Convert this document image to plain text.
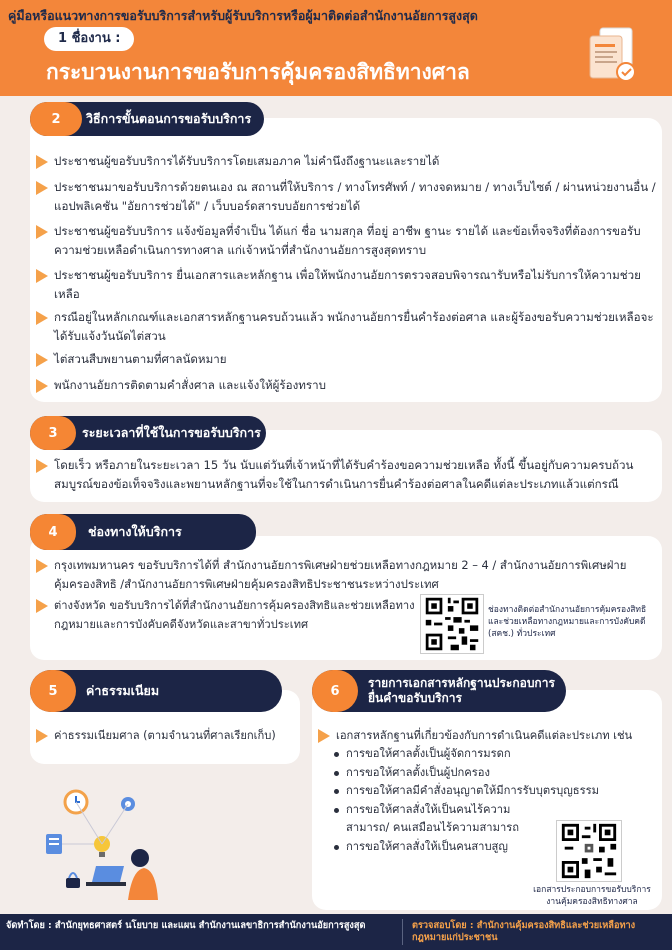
คู่มือหรือแนวทางการขอรับบริการสำหรับผู้รับบริการหรือผู้มาติดต่อสำนักงานอัยการสูงสุด
1 ชื่องาน :
กระบวนงานการขอรับการคุ้มครองสิทธิทางศาล
2	วิธีการขั้นตอนการขอรับบริการ
ประชาชนผู้ขอรับบริการได้รับบริการโดยเสมอภาค ไม่คำนึงถึงฐานะและรายได้
ประชาชนมาขอรับบริการด้วยตนเอง ณ สถานที่ให้บริการ / ทางโทรศัพท์ / ทางจดหมาย / ทางเว็บไซต์ / ผ่านหน่วยงานอื่น / แอปพลิเคชัน "อัยการช่วยได้" / เว็บบอร์ดสารบบอัยการช่วยได้
ประชาชนผู้ขอรับบริการ แจ้งข้อมูลที่จำเป็น ได้แก่ ชื่อ นามสกุล ที่อยู่ อาชีพ ฐานะ รายได้ และข้อเท็จจริงที่ต้องการขอรับความช่วยเหลือดำเนินการทางศาล แก่เจ้าหน้าที่สำนักงานอัยการสูงสุดทราบ
ประชาชนผู้ขอรับบริการ ยื่นเอกสารและหลักฐาน เพื่อให้พนักงานอัยการตรวจสอบพิจารณารับหรือไม่รับการให้ความช่วยเหลือ
กรณีอยู่ในหลักเกณฑ์และเอกสารหลักฐานครบถ้วนแล้ว พนักงานอัยการยื่นคำร้องต่อศาล และผู้ร้องขอรับความช่วยเหลือจะได้รับแจ้งวันนัดไต่สวน
ไต่สวนสืบพยานตามที่ศาลนัดหมาย
พนักงานอัยการติดตามคำสั่งศาล และแจ้งให้ผู้ร้องทราบ
3	ระยะเวลาที่ใช้ในการขอรับบริการ
โดยเร็ว หรือภายในระยะเวลา 15 วัน นับแต่วันที่เจ้าหน้าที่ได้รับคำร้องขอความช่วยเหลือ ทั้งนี้ ขึ้นอยู่กับความครบถ้วนสมบูรณ์ของข้อเท็จจริงและพยานหลักฐานที่จะใช้ในการดำเนินการยื่นคำร้องต่อศาลในคดีแต่ละประเภทแล้วแต่กรณี
4	ช่องทางให้บริการ
กรุงเทพมหานคร ขอรับบริการได้ที่ สำนักงานอัยการพิเศษฝ่ายช่วยเหลือทางกฎหมาย 2 – 4 / สำนักงานอัยการพิเศษฝ่ายคุ้มครองสิทธิ /สำนักงานอัยการพิเศษฝ่ายคุ้มครองสิทธิประชาชนระหว่างประเทศ
ต่างจังหวัด ขอรับบริการได้ที่สำนักงานอัยการคุ้มครองสิทธิและช่วยเหลือทางกฎหมายและการบังคับคดีจังหวัดและสาขาทั่วประเทศ
ช่องทางติดต่อสำนักงานอัยการคุ้มครองสิทธิและช่วยเหลือทางกฎหมายและการบังคับคดี (สคช.) ทั่วประเทศ
5	ค่าธรรมเนียม
ค่าธรรมเนียมศาล (ตามจำนวนที่ศาลเรียกเก็บ)
6
รายการเอกสารหลักฐานประกอบการยื่นคำขอรับบริการ
เอกสารหลักฐานที่เกี่ยวข้องกับการดำเนินคดีแต่ละประเภท เช่น
การขอให้ศาลตั้งเป็นผู้จัดการมรดก
การขอให้ศาลตั้งเป็นผู้ปกครอง
การขอให้ศาลมีคำสั่งอนุญาตให้มีการรับบุตรบุญธรรม
การขอให้ศาลสั่งให้เป็นคนไร้ความสามารถ/ คนเสมือนไร้ความสามารถ
การขอให้ศาลสั่งให้เป็นคนสาบสูญ
เอกสารประกอบการขอรับบริการงานคุ้มครองสิทธิทางศาล
จัดทำโดย : สำนักยุทธศาสตร์ นโยบาย และแผน สำนักงานเลขาธิการสำนักงานอัยการสูงสุด	ตรวจสอบโดย : สำนักงานคุ้มครองสิทธิและช่วยเหลือทางกฎหมายแก่ประชาชน
